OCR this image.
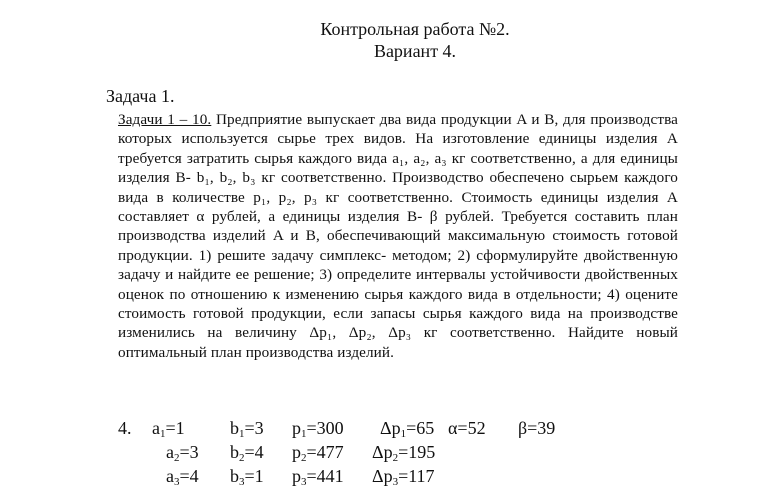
Контрольная работа №2.
Вариант 4.
Задача 1.
Задачи 1 – 10. Предприятие выпускает два вида продукции A и B, для производства которых используется сырье трех видов. На изготовление единицы изделия A требуется затратить сырья каждого вида a₁, a₂, a₃ кг соответственно, а для единицы изделия B- b₁, b₂, b₃ кг соответственно. Производство обеспечено сырьем каждого вида в количестве p₁, p₂, p₃ кг соответственно. Стоимость единицы изделия A составляет α рублей, а единицы изделия B- β рублей. Требуется составить план производства изделий A и B, обеспечивающий максимальную стоимость готовой продукции. 1) решите задачу симплекс- методом; 2) сформулируйте двойственную задачу и найдите ее решение; 3) определите интервалы устойчивости двойственных оценок по отношению к изменению сырья каждого вида в отдельности; 4) оцените стоимость готовой продукции, если запасы сырья каждого вида на производстве изменились на величину Δp₁, Δp₂, Δp₃ кг соответственно. Найдите новый оптимальный план производства изделий.
4. $a_1=1$	$b_1=3$ $p_1=300$ $\Delta p_1=65$ α=52 β=39
$a_2=3$ $b_2=4$ $p_2=477$ $\Delta p_2=195$
$a_3=4$ $b_3=1$ $p_3=441$ $\Delta p_3=117$
